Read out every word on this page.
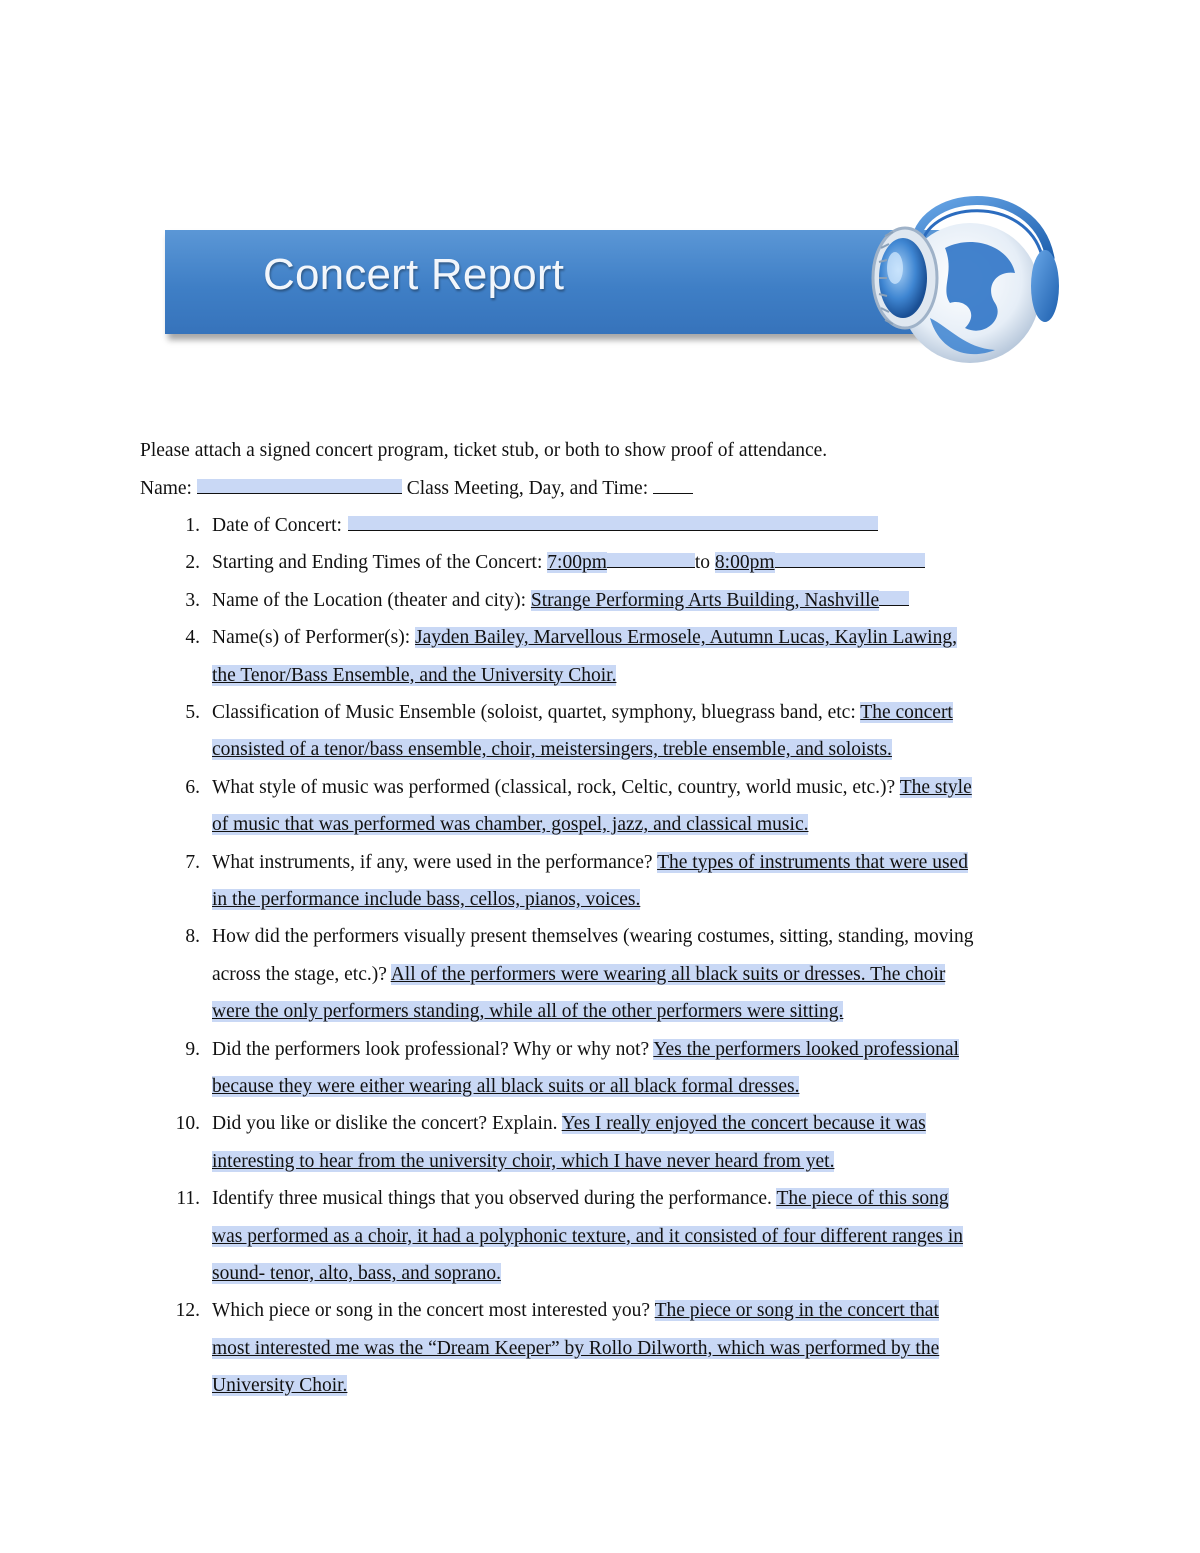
Concert Report
Please attach a signed concert program, ticket stub, or both to show proof of attendance.
Name:	Class Meeting, Day, and Time:
1. Date of Concert:
2. Starting and Ending Times of the Concert: 7:00pm	to 8:00pm
3. Name of the Location (theater and city): Strange Performing Arts Building, Nashville
4. Name(s) of Performer(s): Jayden Bailey, Marvellous Ermosele, Autumn Lucas, Kaylin Lawing,
the Tenor/Bass Ensemble, and the University Choir.
5. Classification of Music Ensemble (soloist, quartet, symphony, bluegrass band, etc: The concert
consisted of a tenor/bass ensemble, choir, meistersingers, treble ensemble, and soloists.
6. What style of music was performed (classical, rock, Celtic, country, world music, etc.)? The style
of music that was performed was chamber, gospel, jazz, and classical music.
7. What instruments, if any, were used in the performance? The types of instruments that were used
in the performance include bass, cellos, pianos, voices.
8. How did the performers visually present themselves (wearing costumes, sitting, standing, moving
across the stage, etc.)? All of the performers were wearing all black suits or dresses. The choir
were the only performers standing, while all of the other performers were sitting.
9. Did the performers look professional? Why or why not? Yes the performers looked professional
because they were either wearing all black suits or all black formal dresses.
10. Did you like or dislike the concert? Explain. Yes I really enjoyed the concert because it was
interesting to hear from the university choir, which I have never heard from yet.
11. Identify three musical things that you observed during the performance. The piece of this song
was performed as a choir, it had a polyphonic texture, and it consisted of four different ranges in
sound- tenor, alto, bass, and soprano.
12. Which piece or song in the concert most interested you? The piece or song in the concert that
most interested me was the “Dream Keeper” by Rollo Dilworth, which was performed by the
University Choir.
